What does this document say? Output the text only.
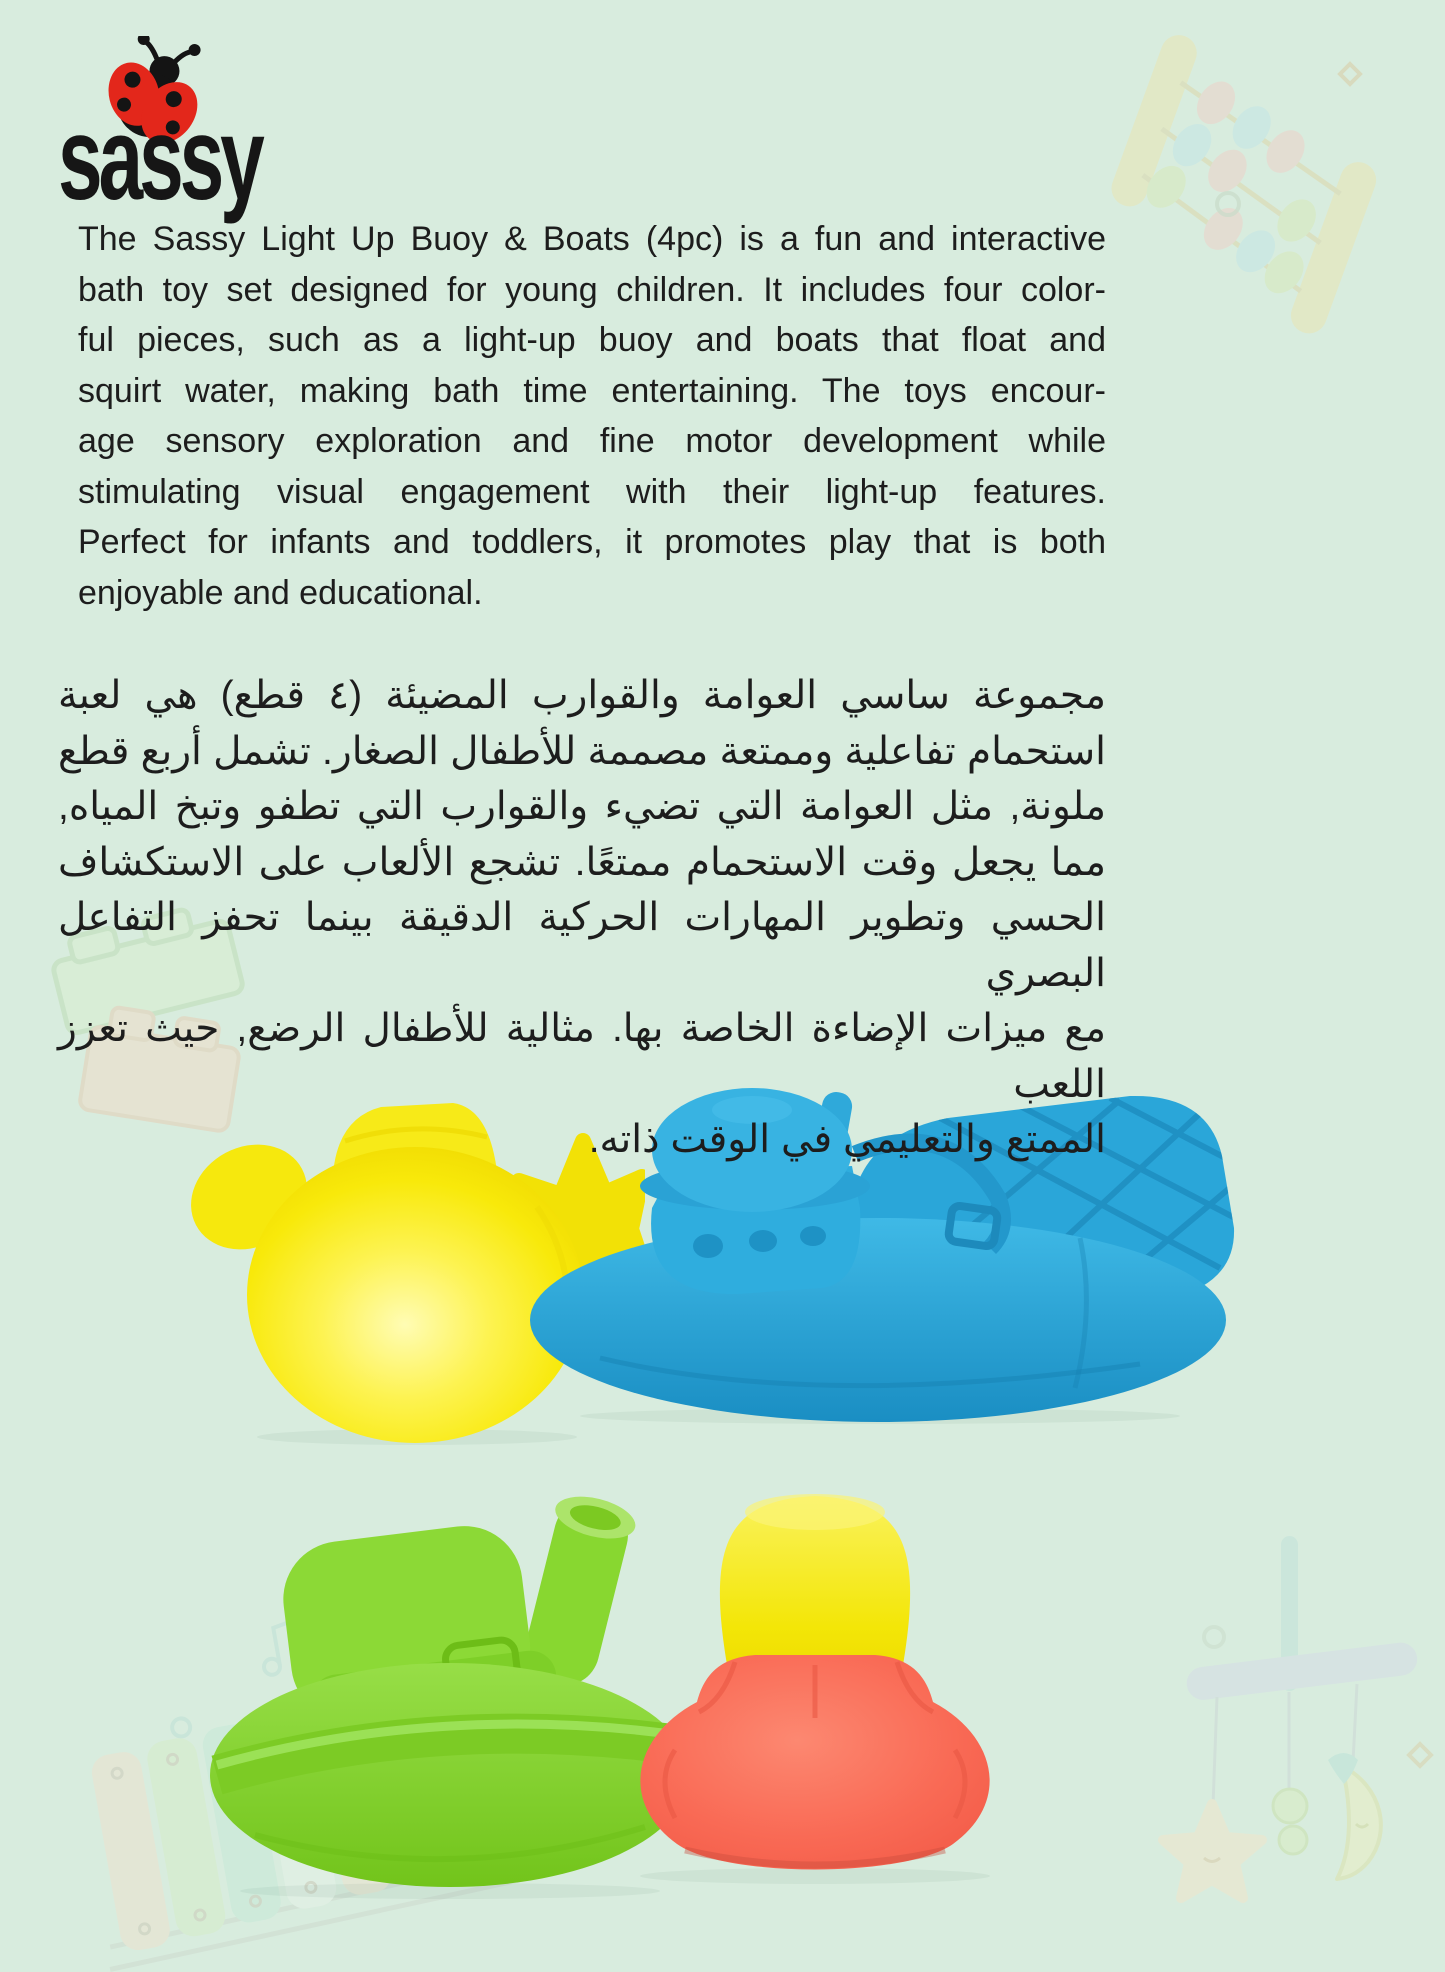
sassy
The Sassy Light Up Buoy & Boats (4pc) is a fun and interactive
bath toy set designed for young children. It includes four color-
ful pieces, such as a light-up buoy and boats that float and
squirt water, making bath time entertaining. The toys encour-
age sensory exploration and fine motor development while
stimulating visual engagement with their light-up features.
Perfect for infants and toddlers, it promotes play that is both
enjoyable and educational.
مجموعة ساسي العوامة والقوارب المضيئة (٤ قطع) هي لعبة
استحمام تفاعلية وممتعة مصممة للأطفال الصغار. تشمل أربع قطع
ملونة, مثل العوامة التي تضيء والقوارب التي تطفو وتبخ المياه,
مما يجعل وقت الاستحمام ممتعًا. تشجع الألعاب على الاستكشاف
الحسي وتطوير المهارات الحركية الدقيقة بينما تحفز التفاعل البصري
مع ميزات الإضاءة الخاصة بها. مثالية للأطفال الرضع, حيث تعزز اللعب
الممتع والتعليمي في الوقت ذاته.
